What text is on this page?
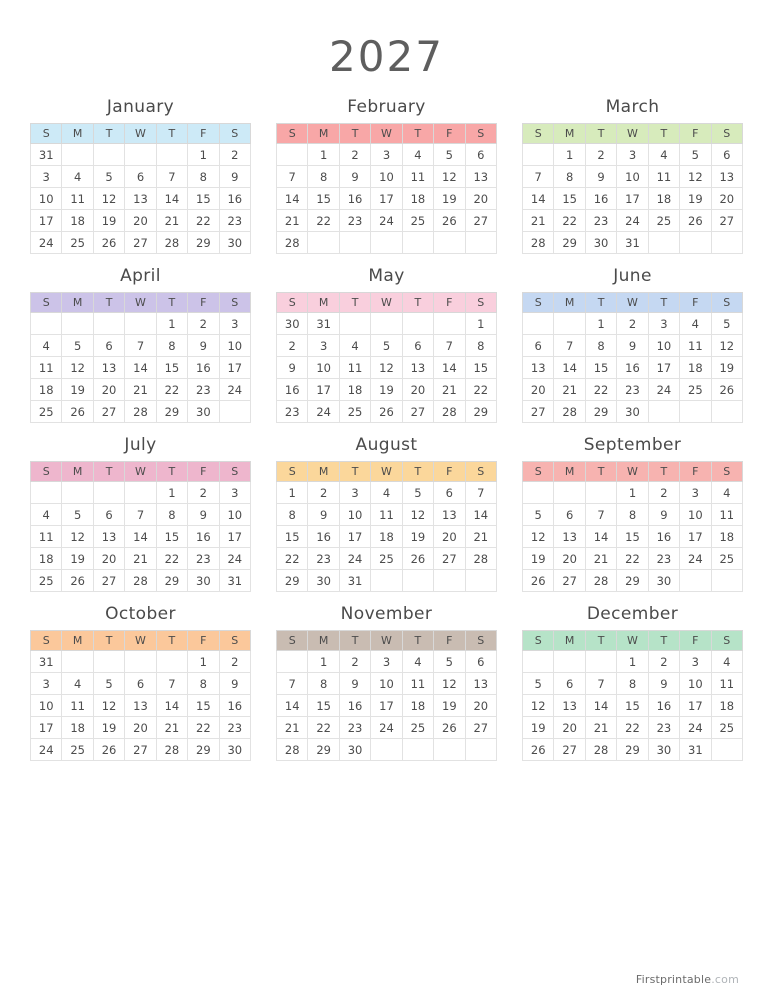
2027
January
S	M	T	W	T	F	S
31					1	2
3	4	5	6	7	8	9
10	11	12	13	14	15	16
17	18	19	20	21	22	23
24	25	26	27	28	29	30
February
S	M	T	W	T	F	S
	1	2	3	4	5	6
7	8	9	10	11	12	13
14	15	16	17	18	19	20
21	22	23	24	25	26	27
28						
March
S	M	T	W	T	F	S
	1	2	3	4	5	6
7	8	9	10	11	12	13
14	15	16	17	18	19	20
21	22	23	24	25	26	27
28	29	30	31			
April
S	M	T	W	T	F	S
				1	2	3
4	5	6	7	8	9	10
11	12	13	14	15	16	17
18	19	20	21	22	23	24
25	26	27	28	29	30	
May
S	M	T	W	T	F	S
30	31					1
2	3	4	5	6	7	8
9	10	11	12	13	14	15
16	17	18	19	20	21	22
23	24	25	26	27	28	29
June
S	M	T	W	T	F	S
		1	2	3	4	5
6	7	8	9	10	11	12
13	14	15	16	17	18	19
20	21	22	23	24	25	26
27	28	29	30			
July
S	M	T	W	T	F	S
				1	2	3
4	5	6	7	8	9	10
11	12	13	14	15	16	17
18	19	20	21	22	23	24
25	26	27	28	29	30	31
August
S	M	T	W	T	F	S
1	2	3	4	5	6	7
8	9	10	11	12	13	14
15	16	17	18	19	20	21
22	23	24	25	26	27	28
29	30	31				
September
S	M	T	W	T	F	S
			1	2	3	4
5	6	7	8	9	10	11
12	13	14	15	16	17	18
19	20	21	22	23	24	25
26	27	28	29	30		
October
S	M	T	W	T	F	S
31					1	2
3	4	5	6	7	8	9
10	11	12	13	14	15	16
17	18	19	20	21	22	23
24	25	26	27	28	29	30
November
S	M	T	W	T	F	S
	1	2	3	4	5	6
7	8	9	10	11	12	13
14	15	16	17	18	19	20
21	22	23	24	25	26	27
28	29	30				
December
S	M	T	W	T	F	S
			1	2	3	4
5	6	7	8	9	10	11
12	13	14	15	16	17	18
19	20	21	22	23	24	25
26	27	28	29	30	31	
Firstprintable.com
